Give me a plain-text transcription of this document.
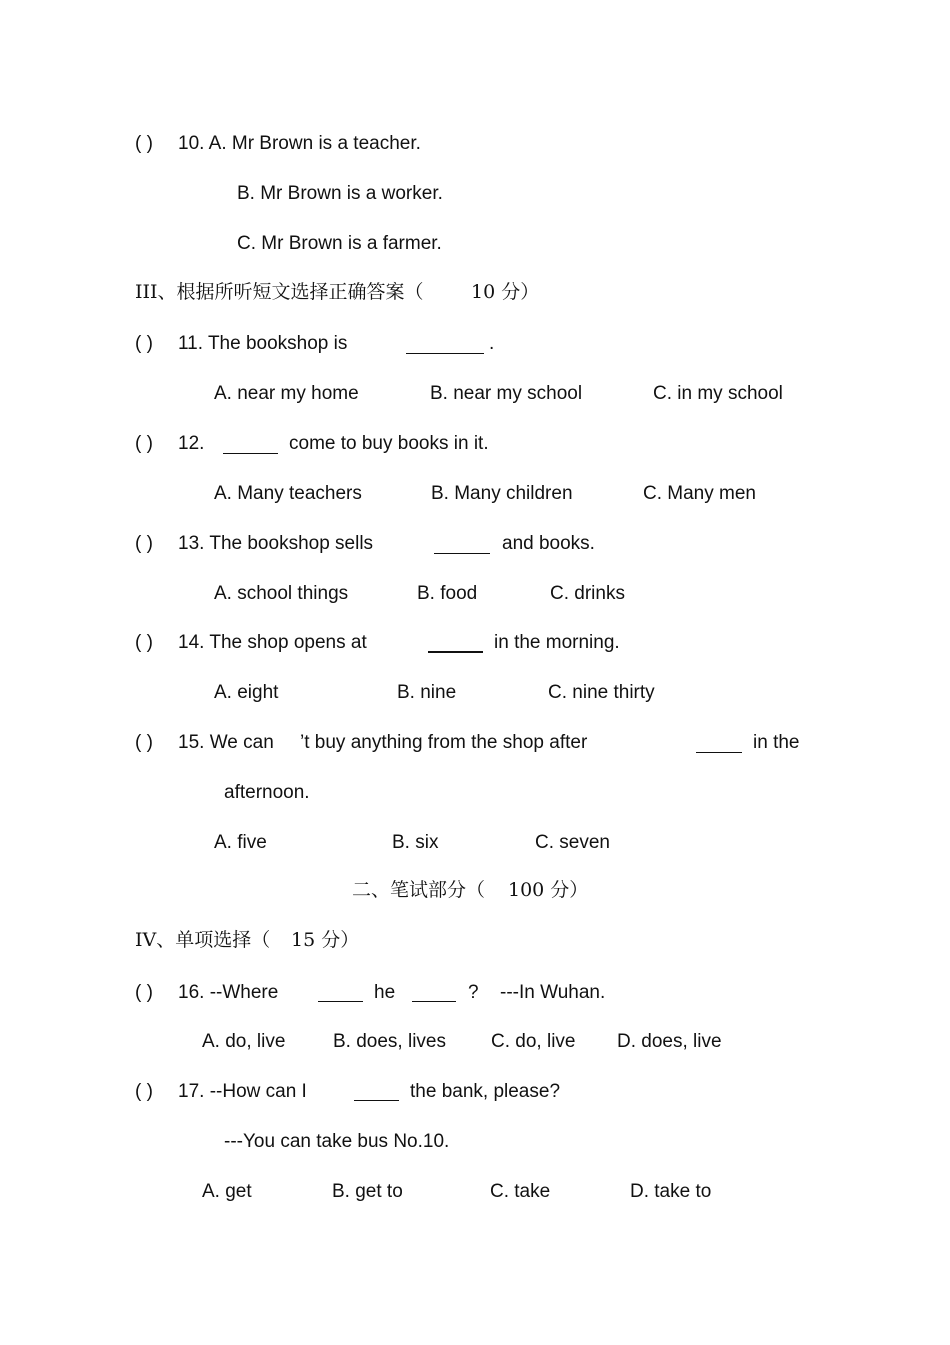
( ) 10. A. Mr Brown is a teacher.
B. Mr Brown is a worker.
C. Mr Brown is a farmer.
III、根据所听短文选择正确答案（ 10 分）
( ) 11. The bookshop is	.
A. near my home	B. near my school	C. in my school
( ) 12.	come to buy books in it.
A. Many teachers	B. Many children	C. Many men
( ) 13. The bookshop sells	and books.
A. school things	B. food	C. drinks
( ) 14. The shop opens at	in the morning.
A. eight	B. nine	C. nine thirty
( ) 15. We can ’t buy anything from the shop after	in the
afternoon.
A. five	B. six	C. seven
二、笔试部分（ 100 分）
IV、单项选择（ 15 分）
( ) 16. --Where	he	? ---In Wuhan.
A. do, live	B. does, lives C. do, live D. does, live
( ) 17. --How can I	the bank, please?
---You can take bus No.10.
A. get	B. get to	C. take	D. take to
